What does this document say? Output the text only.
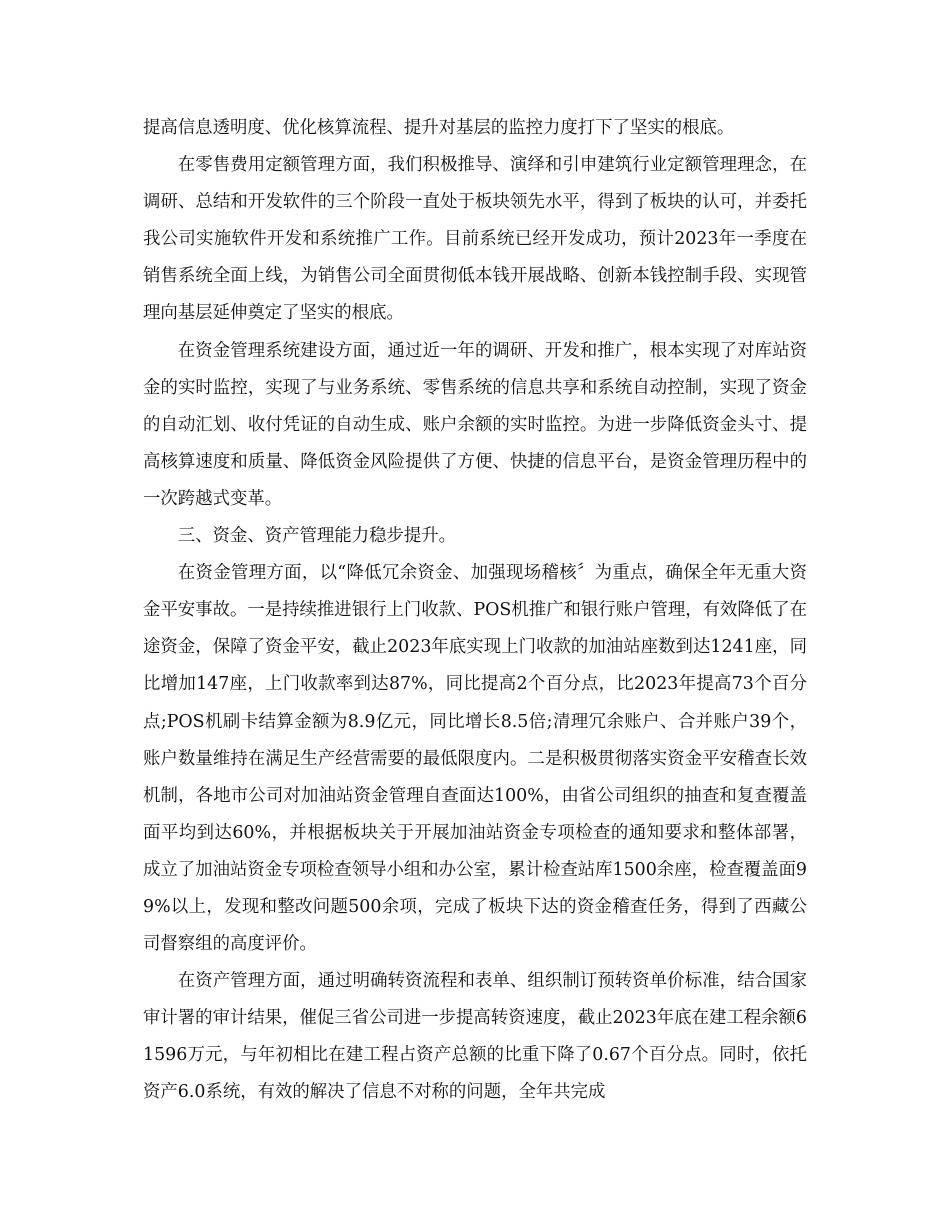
提高信息透明度、优化核算流程、提升对基层的监控力度打下了坚实的根底。

在零售费用定额管理方面，我们积极推导、演绎和引申建筑行业定额管理理念，在调研、总结和开发软件的三个阶段一直处于板块领先水平，得到了板块的认可，并委托我公司实施软件开发和系统推广工作。目前系统已经开发成功，预计2023年一季度在销售系统全面上线，为销售公司全面贯彻低本钱开展战略、创新本钱控制手段、实现管理向基层延伸奠定了坚实的根底。

在资金管理系统建设方面，通过近一年的调研、开发和推广，根本实现了对库站资金的实时监控，实现了与业务系统、零售系统的信息共享和系统自动控制，实现了资金的自动汇划、收付凭证的自动生成、账户余额的实时监控。为进一步降低资金头寸、提高核算速度和质量、降低资金风险提供了方便、快捷的信息平台，是资金管理历程中的一次跨越式变革。

三、资金、资产管理能力稳步提升。

在资金管理方面，以“降低冗余资金、加强现场稽核〞为重点，确保全年无重大资金平安事故。一是持续推进银行上门收款、POS机推广和银行账户管理，有效降低了在途资金，保障了资金平安，截止2023年底实现上门收款的加油站座数到达1241座，同比增加147座，上门收款率到达87%，同比提高2个百分点，比2023年提高73个百分点;POS机刷卡结算金额为8.9亿元，同比增长8.5倍;清理冗余账户、合并账户39个，账户数量维持在满足生产经营需要的最低限度内。二是积极贯彻落实资金平安稽查长效机制，各地市公司对加油站资金管理自查面达100%，由省公司组织的抽查和复查覆盖面平均到达60%，并根据板块关于开展加油站资金专项检查的通知要求和整体部署，成立了加油站资金专项检查领导小组和办公室，累计检查站库1500余座，检查覆盖面99%以上，发现和整改问题500余项，完成了板块下达的资金稽查任务，得到了西藏公司督察组的高度评价。

在资产管理方面，通过明确转资流程和表单、组织制订预转资单价标准，结合国家审计署的审计结果，催促三省公司进一步提高转资速度，截止2023年底在建工程余额61596万元，与年初相比在建工程占资产总额的比重下降了0.67个百分点。同时，依托资产6.0系统，有效的解决了信息不对称的问题，全年共完成
